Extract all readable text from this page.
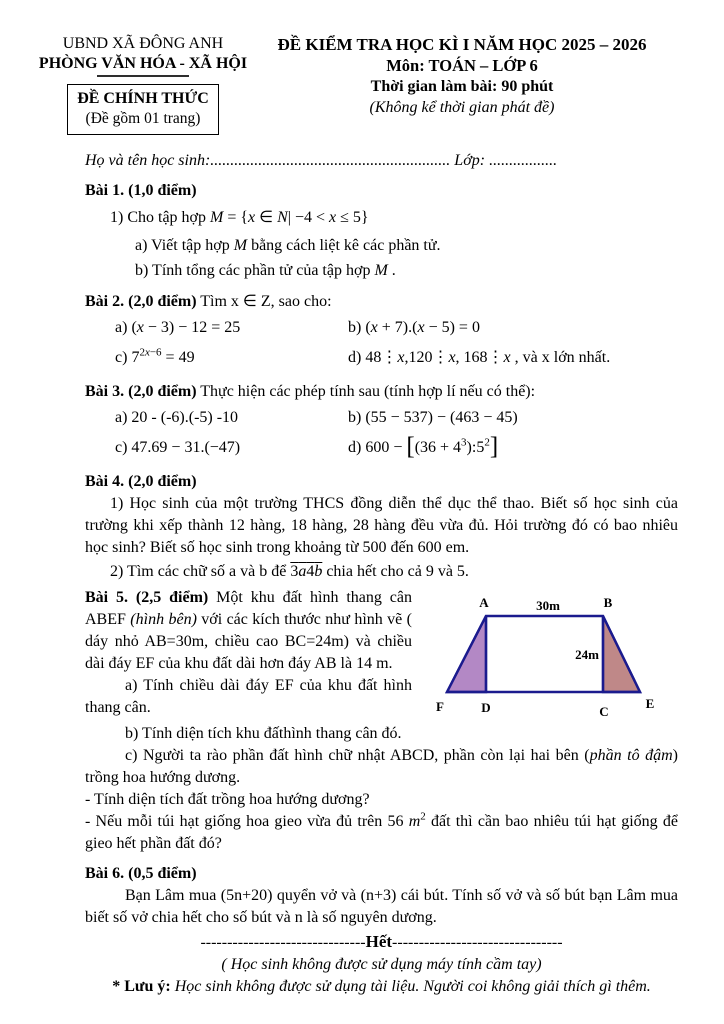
UBND XÃ ĐÔNG ANH
PHÒNG VĂN HÓA - XÃ HỘI
ĐỀ CHÍNH THỨC
(Đề gồm 01 trang)
ĐỀ KIỂM TRA HỌC KÌ I NĂM HỌC 2025 – 2026
Môn: TOÁN – LỚP 6
Thời gian làm bài: 90 phút
(Không kể thời gian phát đề)
Họ và tên học sinh:............................................................ Lớp: .................
Bài 1. (1,0 điểm)
1) Cho tập hợp M = {x ∈ N| −4 < x ≤ 5}
a) Viết tập hợp M bằng cách liệt kê các phần tử.
b) Tính tổng các phần tử của tập hợp M .
Bài 2. (2,0 điểm) Tìm x ∈ Z, sao cho:
a) (x − 3) − 12 = 25	b) (x + 7).(x − 5) = 0
c) $7^{2x-6} = 49$	d) 48⋮x,120⋮x, 168⋮x , và x lớn nhất.
Bài 3. (2,0 điểm) Thực hiện các phép tính sau (tính hợp lí nếu có thể):
a) 20 - (-6).(-5) -10	b) (55 − 537) − (463 − 45)
c) 47.69 − 31.(−47)	d) $600 - [(36 + 4^3):5^2]$
Bài 4. (2,0 điểm)
1) Học sinh của một trường THCS đồng diễn thể dục thể thao. Biết số học sinh của trường khi xếp thành 12 hàng, 18 hàng, 28 hàng đều vừa đủ. Hỏi trường đó có bao nhiêu học sinh? Biết số học sinh trong khoảng từ 500 đến 600 em.
2) Tìm các chữ số a và b để 3a4b chia hết cho cả 9 và 5.
A	30m	B
24m
F	D	C
E
Bài 5. (2,5 điểm) Một khu đất hình thang cân ABEF (hình bên) với các kích thước như hình vẽ ( dáy nhỏ AB=30m, chiều cao BC=24m) và chiều dài đáy EF của khu đất dài hơn đáy AB là 14 m.
a) Tính chiều dài đáy EF của khu đất hình thang cân.
b) Tính diện tích khu đấthình thang cân đó.
c) Người ta rào phần đất hình chữ nhật ABCD, phần còn lại hai bên (phần tô đậm) trồng hoa hướng dương.
- Tính diện tích đất trồng hoa hướng dương?
- Nếu mỗi túi hạt giống hoa gieo vừa đủ trên 56 $m^2$ đất thì cần bao nhiêu túi hạt giống để gieo hết phần đất đó?
Bài 6. (0,5 điểm)
Bạn Lâm mua (5n+20) quyển vở và (n+3) cái bút. Tính số vở và số bút bạn Lâm mua biết số vở chia hết cho số bút và n là số nguyên dương.
-------------------------------Hết--------------------------------
( Học sinh không được sử dụng máy tính cầm tay)
* Lưu ý: Học sinh không được sử dụng tài liệu. Người coi không giải thích gì thêm.
